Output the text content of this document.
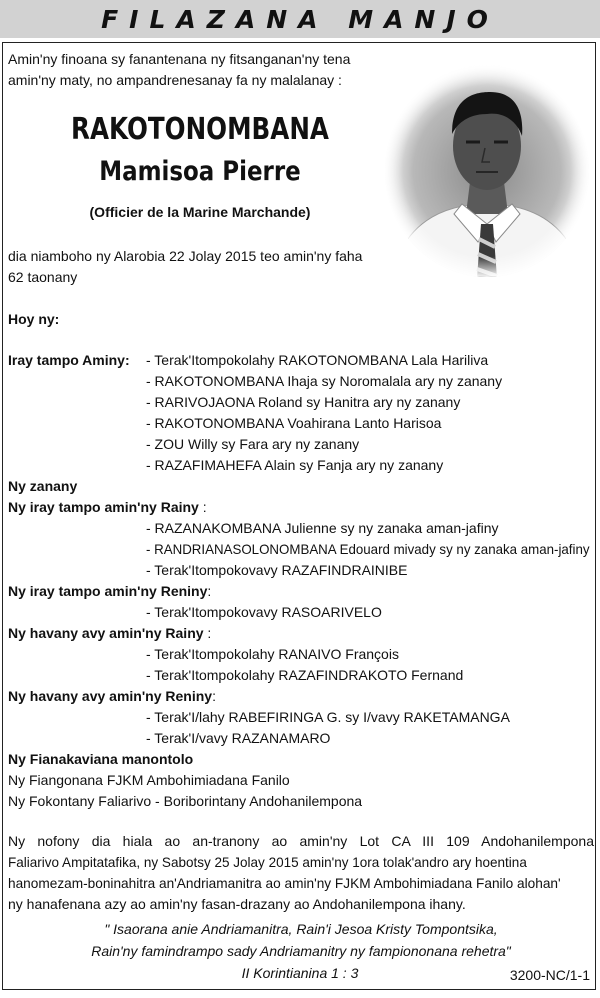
FILAZANA MANJO
Amin'ny finoana sy fanantenana ny fitsanganan'ny tena
amin'ny maty, no ampandrenesanay fa ny malalanay :
RAKOTONOMBANA
Mamisoa Pierre
(Officier de la Marine Marchande)
dia niamboho ny Alarobia 22 Jolay 2015 teo amin'ny faha
62 taonany
Hoy ny:
Iray tampo Aminy: - Terak'Itompokolahy RAKOTONOMBANA Lala Hariliva
- RAKOTONOMBANA Ihaja sy Noromalala ary ny zanany
- RARIVOJAONA Roland sy Hanitra ary ny zanany
- RAKOTONOMBANA Voahirana Lanto Harisoa
- ZOU Willy sy Fara ary ny zanany
- RAZAFIMAHEFA Alain sy Fanja ary ny zanany
Ny zanany
Ny iray tampo amin'ny Rainy :
- RAZANAKOMBANA Julienne sy ny zanaka aman-jafiny
- RANDRIANASOLONOMBANA Edouard mivady sy ny zanaka aman-jafiny
- Terak'Itompokovavy RAZAFINDRAINIBE
Ny iray tampo amin'ny Reniny:
- Terak'Itompokovavy RASOARIVELO
Ny havany avy amin'ny Rainy :
- Terak'Itompokolahy RANAIVO François
- Terak'Itompokolahy RAZAFINDRAKOTO Fernand
Ny havany avy amin'ny Reniny:
- Terak'I/lahy RABEFIRINGA G. sy I/vavy RAKETAMANGA
- Terak'I/vavy RAZANAMARO
Ny Fianakaviana manontolo
Ny Fiangonana FJKM Ambohimiadana Fanilo
Ny Fokontany Faliarivo - Boriborintany Andohanilempona
Ny nofony dia hiala ao an-tranony ao amin'ny Lot CA III 109 Andohanilempona
Faliarivo Ampitatafika, ny Sabotsy 25 Jolay 2015 amin'ny 1ora tolak'andro ary hoentina
hanomezam-boninahitra an'Andriamanitra ao amin'ny FJKM Ambohimiadana Fanilo alohan'
ny hanafenana azy ao amin'ny fasan-drazany ao Andohanilempona ihany.
" Isaorana anie Andriamanitra, Rain'i Jesoa Kristy Tompontsika,
Rain'ny famindrampo sady Andriamanitry ny fampiononana rehetra"
II Korintianina 1 : 3	3200-NC/1-1
